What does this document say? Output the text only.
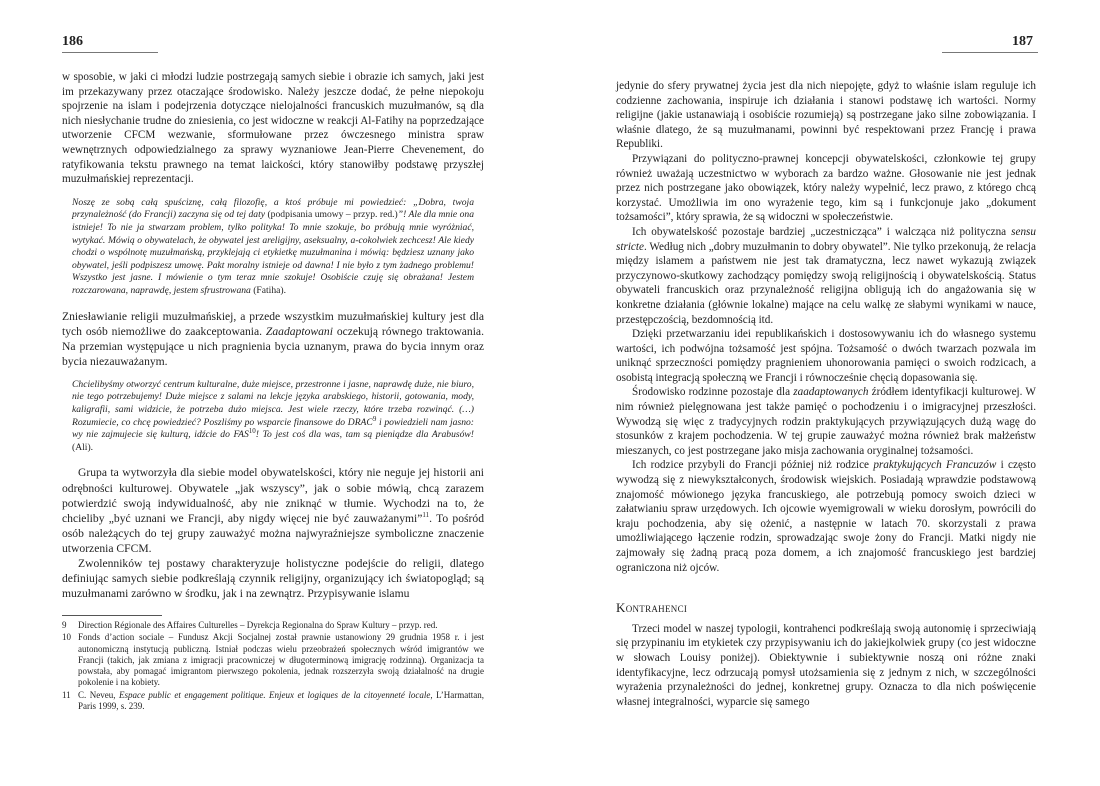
186

w sposobie, w jaki ci młodzi ludzie postrzegają samych siebie i obrazie ich samych, jaki jest im przekazywany przez otaczające środowisko. Należy jeszcze dodać, że pełne niepokoju spojrzenie na islam i podejrzenia dotyczące nielojalności francuskich muzułmanów, są dla nich niesłychanie trudne do zniesienia, co jest widoczne w reakcji Al-Fatihy na poprzedzające utworzenie CFCM wezwanie, sformułowane przez ówczesnego ministra spraw wewnętrznych odpowiedzialnego za sprawy wyznaniowe Jean-Pierre Chevenement, do ratyfikowania tekstu prawnego na temat laickości, który stanowiłby podstawę przyszłej muzułmańskiej reprezentacji.

Noszę ze sobą całą spuściznę, całą filozofię, a ktoś próbuje mi powiedzieć: „Dobra, twoja przynależność (do Francji) zaczyna się od tej daty (podpisania umowy – przyp. red.)”! Ale dla mnie ona istnieje! To nie ja stwarzam problem, tylko polityka! To mnie szokuje, bo próbują mnie wyróżniać, wytykać. Mówią o obywatelach, że obywatel jest areligijny, aseksualny, a-cokolwiek zechcesz! Ale kiedy chodzi o wspólnotę muzułmańską, przyklejają ci etykietkę muzułmanina i mówią: będziesz uznany jako obywatel, jeśli podpiszesz umowę. Pakt moralny istnieje od dawna! I nie było z tym żadnego problemu! Wszystko jest jasne. I mówienie o tym teraz mnie szokuje! Osobiście czuję się obrażana! Jestem rozczarowana, naprawdę, jestem sfrustrowana (Fatiha).

Zniesławianie religii muzułmańskiej, a przede wszystkim muzułmańskiej kultury jest dla tych osób niemożliwe do zaakceptowania. Zaadaptowani oczekują równego traktowania. Na przemian występujące u nich pragnienia bycia uznanym, prawa do bycia innym oraz bycia niezauważanym.

Chcielibyśmy otworzyć centrum kulturalne, duże miejsce, przestronne i jasne, naprawdę duże, nie biuro, nie tego potrzebujemy! Duże miejsce z salami na lekcje języka arabskiego, historii, gotowania, mody, kaligrafii, sami widzicie, że potrzeba dużo miejsca. Jest wiele rzeczy, które trzeba rozwinąć. (…) Rozumiecie, co chcę powiedzieć? Poszliśmy po wsparcie finansowe do DRAC$^9$ i powiedzieli nam jasno: wy nie zajmujecie się kulturą, idźcie do FAS$^{10}$! To jest coś dla was, tam są pieniądze dla Arabusów! (Ali).

Grupa ta wytworzyła dla siebie model obywatelskości, który nie neguje jej historii ani odrębności kulturowej. Obywatele „jak wszyscy”, jak o sobie mówią, chcą zarazem potwierdzić swoją indywidualność, aby nie zniknąć w tłumie. Wychodzi na to, że chcieliby „być uznani we Francji, aby nigdy więcej nie być zauważanymi”$^{11}$. To pośród osób należących do tej grupy zauważyć można najwyraźniejsze symboliczne znaczenie utworzenia CFCM.

Zwolenników tej postawy charakteryzuje holistyczne podejście do religii, dlatego definiując samych siebie podkreślają czynnik religijny, organizujący ich światopogląd; są muzułmanami zarówno w środku, jak i na zewnątrz. Przypisywanie islamu

9	Direction Régionale des Affaires Culturelles – Dyrekcja Regionalna do Spraw Kultury – przyp. red.
10 Fonds d’action sociale – Fundusz Akcji Socjalnej został prawnie ustanowiony 29 grudnia 1958 r. i jest autonomiczną instytucją publiczną. Istniał podczas wielu przeobrażeń społecznych wśród imigrantów we Francji (takich, jak zmiana z imigracji pracowniczej w długoterminową imigrację rodzinną). Organizacja ta powstała, aby pomagać imigrantom pierwszego pokolenia, jednak rozszerzyła swoją działalność na drugie pokolenie i na kobiety.
11 C. Neveu, Espace public et engagement politique. Enjeux et logiques de la citoyenneté locale, L’Harmattan, Paris 1999, s. 239.
187

jedynie do sfery prywatnej życia jest dla nich niepojęte, gdyż to właśnie islam reguluje ich codzienne zachowania, inspiruje ich działania i stanowi podstawę ich wartości. Normy religijne (jakie ustanawiają i osobiście rozumieją) są postrzegane jako silne zobowiązania. I właśnie dlatego, że są muzułmanami, powinni być respektowani przez Francję i prawa Republiki.

Przywiązani do polityczno-prawnej koncepcji obywatelskości, członkowie tej grupy również uważają uczestnictwo w wyborach za bardzo ważne. Głosowanie nie jest jednak przez nich postrzegane jako obowiązek, który należy wypełnić, lecz prawo, z którego chcą korzystać. Umożliwia im ono wyrażenie tego, kim są i funkcjonuje jako „dokument tożsamości”, który sprawia, że są widoczni w społeczeństwie.

Ich obywatelskość pozostaje bardziej „uczestnicząca” i walcząca niż polityczna sensu stricte. Według nich „dobry muzułmanin to dobry obywatel”. Nie tylko przekonują, że relacja między islamem a państwem nie jest tak dramatyczna, lecz nawet wykazują związek przyczynowo-skutkowy zachodzący pomiędzy swoją religijnością i obywatelskością. Status obywateli francuskich oraz przynależność religijna obligują ich do angażowania się w konkretne działania (głównie lokalne) mające na celu walkę ze słabymi wynikami w nauce, przestępczością, bezdomnością itd.

Dzięki przetwarzaniu idei republikańskich i dostosowywaniu ich do własnego systemu wartości, ich podwójna tożsamość jest spójna. Tożsamość o dwóch twarzach pozwala im uniknąć sprzeczności pomiędzy pragnieniem uhonorowania pamięci o swoich rodzicach, a osobistą integracją społeczną we Francji i równocześnie chęcią dopasowania się.

Środowisko rodzinne pozostaje dla zaadaptowanych źródłem identyfikacji kulturowej. W nim również pielęgnowana jest także pamięć o pochodzeniu i o imigracyjnej przeszłości. Wywodzą się więc z tradycyjnych rodzin praktykujących przywiązujących dużą wagę do stosunków z krajem pochodzenia. W tej grupie zauważyć można również brak małżeństw mieszanych, co jest postrzegane jako misja zachowania oryginalnej tożsamości.

Ich rodzice przybyli do Francji później niż rodzice praktykujących Francuzów i często wywodzą się z niewykształconych, środowisk wiejskich. Posiadają wprawdzie podstawową znajomość mówionego języka francuskiego, ale potrzebują pomocy swoich dzieci w załatwianiu spraw urzędowych. Ich ojcowie wyemigrowali w wieku dorosłym, powrócili do kraju pochodzenia, aby się ożenić, a następnie w latach 70. skorzystali z prawa umożliwiającego łączenie rodzin, sprowadzając swoje żony do Francji. Matki nigdy nie zajmowały się żadną pracą poza domem, a ich znajomość francuskiego jest bardziej ograniczona niż ojców.

Kontrahenci

Trzeci model w naszej typologii, kontrahenci podkreślają swoją autonomię i sprzeciwiają się przypinaniu im etykietek czy przypisywaniu ich do jakiejkolwiek grupy (co jest widoczne w słowach Louisy poniżej). Obiektywnie i subiektywnie noszą oni różne znaki identyfikacyjne, lecz odrzucają pomysł utożsamienia się z jednym z nich, w szczególności wyrażenia przynależności do jednej, konkretnej grupy. Oznacza to dla nich poświęcenie własnej integralności, wyparcie się samego
